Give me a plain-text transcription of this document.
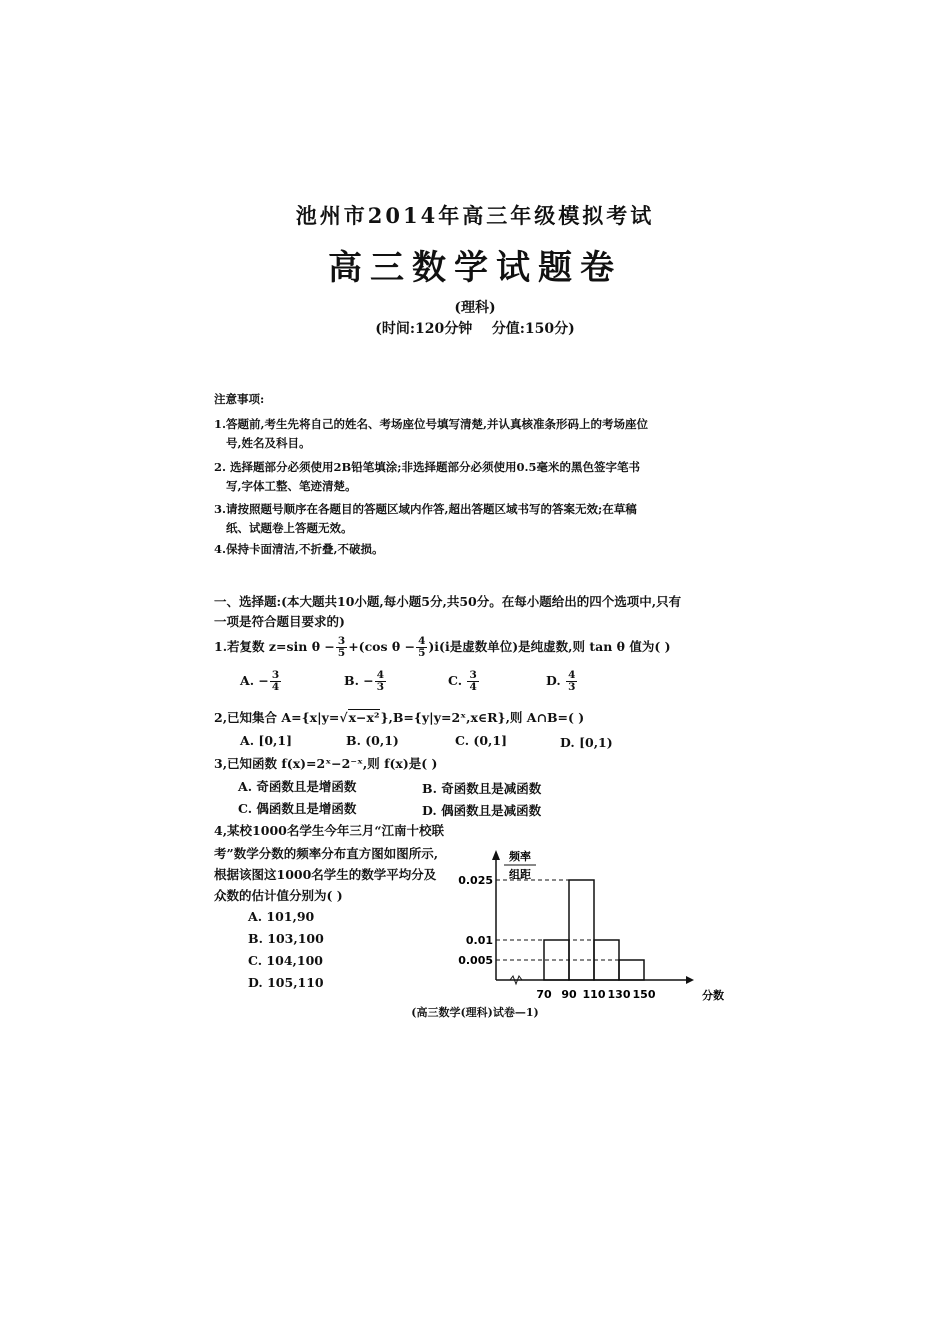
池州市2014年高三年级模拟考试
高三数学试题卷
(理科)
(时间:120分钟    分值:150分)
注意事项:
1.答题前,考生先将自己的姓名、考场座位号填写清楚,并认真核准条形码上的考场座位
号,姓名及科目。
2. 选择题部分必须使用2B铅笔填涂;非选择题部分必须使用0.5毫米的黑色签字笔书
写,字体工整、笔迹清楚。
3.请按照题号顺序在各题目的答题区域内作答,超出答题区域书写的答案无效;在草稿
纸、试题卷上答题无效。
4.保持卡面清洁,不折叠,不破损。
一、选择题:(本大题共10小题,每小题5分,共50分。在每小题给出的四个选项中,只有
一项是符合题目要求的)
1.若复数 z=sin $\theta - \frac{3}{5} +(\cos$ $\theta - \frac{4}{5} )i(i$是虚数单位)是纯虚数,则 tan θ 值为( )
A. − $\frac{3}{4}$	B. − $\frac{4}{3}$	C. $\frac{3}{4}$	D. $\frac{4}{3}$
2,已知集合 A={x|y=√x−x²},B={y|y=2ˣ,x∈R},则 A∩B=( )
A. [0,1]	B. (0,1)	C. (0,1]	D. [0,1)
3,已知函数 f(x)=2ˣ−2⁻ˣ,则 f(x)是( )
A. 奇函数且是增函数	B. 奇函数且是减函数
C. 偶函数且是增函数	D. 偶函数且是减函数
4,某校1000名学生今年三月“江南十校联
考”数学分数的频率分布直方图如图所示,
根据该图这1000名学生的数学平均分及
众数的估计值分别为( )
A. 101,90
B. 103,100
C. 104,100
D. 105,110
频率
组距
0.025
0.01
0.005
70 90 110 130 150	分数
(高三数学(理科)试卷—1)
